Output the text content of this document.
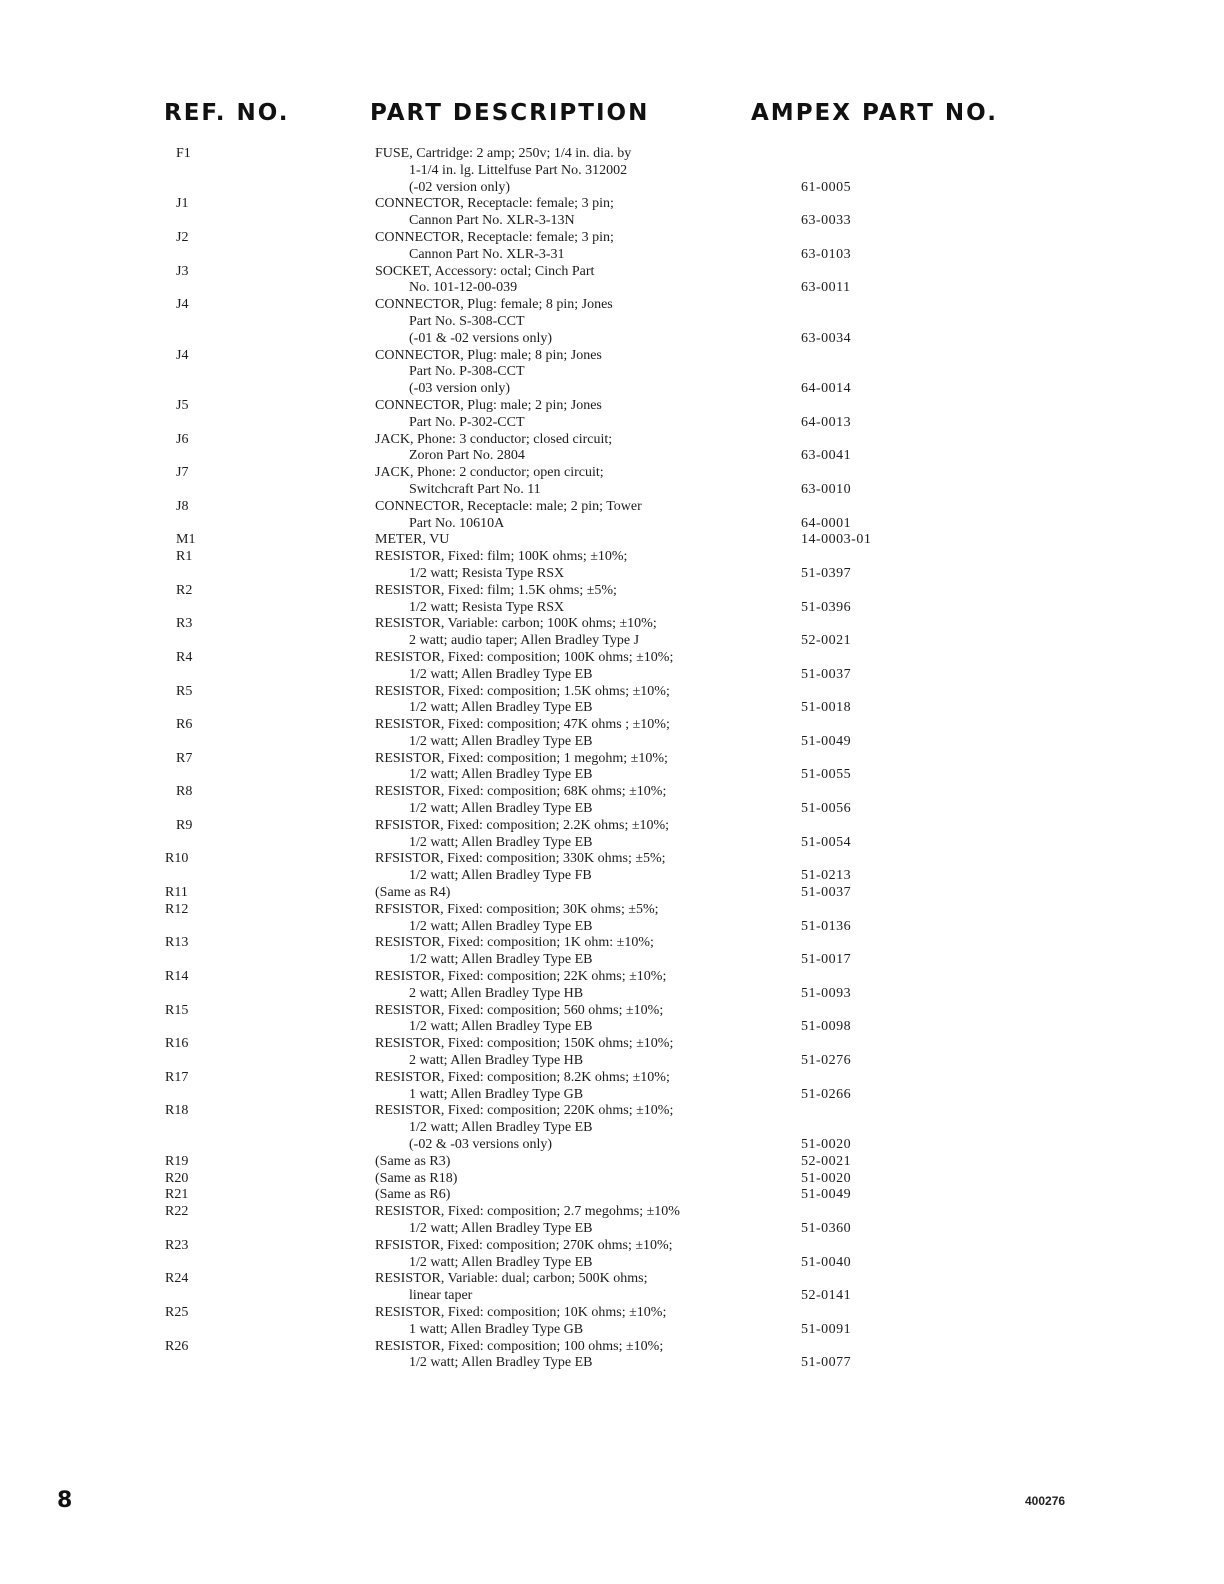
REF. NO.	PART DESCRIPTION	AMPEX PART NO.
F1	FUSE, Cartridge: 2 amp; 250v; 1/4 in. dia. by
1-1/4 in. lg. Littelfuse Part No. 312002
(-02 version only)	61-0005
J1	CONNECTOR, Receptacle: female; 3 pin;
Cannon Part No. XLR-3-13N	63-0033
J2	CONNECTOR, Receptacle: female; 3 pin;
Cannon Part No. XLR-3-31	63-0103
J3	SOCKET, Accessory: octal; Cinch Part
No. 101-12-00-039	63-0011
J4	CONNECTOR, Plug: female; 8 pin; Jones
Part No. S-308-CCT
(-01 & -02 versions only)	63-0034
J4	CONNECTOR, Plug: male; 8 pin; Jones
Part No. P-308-CCT
(-03 version only)	64-0014
J5	CONNECTOR, Plug: male; 2 pin; Jones
Part No. P-302-CCT	64-0013
J6	JACK, Phone: 3 conductor; closed circuit;
Zoron Part No. 2804	63-0041
J7	JACK, Phone: 2 conductor; open circuit;
Switchcraft Part No. 11	63-0010
J8	CONNECTOR, Receptacle: male; 2 pin; Tower
Part No. 10610A	64-0001
M1	METER, VU	14-0003-01
R1	RESISTOR, Fixed: film; 100K ohms; ±10%;
1/2 watt; Resista Type RSX	51-0397
R2	RESISTOR, Fixed: film; 1.5K ohms; ±5%;
1/2 watt; Resista Type RSX	51-0396
R3	RESISTOR, Variable: carbon; 100K ohms; ±10%;
2 watt; audio taper; Allen Bradley Type J	52-0021
R4	RESISTOR, Fixed: composition; 100K ohms; ±10%;
1/2 watt; Allen Bradley Type EB	51-0037
R5	RESISTOR, Fixed: composition; 1.5K ohms; ±10%;
1/2 watt; Allen Bradley Type EB	51-0018
R6	RESISTOR, Fixed: composition; 47K ohms ; ±10%;
1/2 watt; Allen Bradley Type EB	51-0049
R7	RESISTOR, Fixed: composition; 1 megohm; ±10%;
1/2 watt; Allen Bradley Type EB	51-0055
R8	RESISTOR, Fixed: composition; 68K ohms; ±10%;
1/2 watt; Allen Bradley Type EB	51-0056
R9	RFSISTOR, Fixed: composition; 2.2K ohms; ±10%;
1/2 watt; Allen Bradley Type EB	51-0054
R10	RFSISTOR, Fixed: composition; 330K ohms; ±5%;
1/2 watt; Allen Bradley Type FB	51-0213
R11	(Same as R4)	51-0037
R12	RFSISTOR, Fixed: composition; 30K ohms; ±5%;
1/2 watt; Allen Bradley Type EB	51-0136
R13	RESISTOR, Fixed: composition; 1K ohm: ±10%;
1/2 watt; Allen Bradley Type EB	51-0017
R14	RESISTOR, Fixed: composition; 22K ohms; ±10%;
2 watt; Allen Bradley Type HB	51-0093
R15	RESISTOR, Fixed: composition; 560 ohms; ±10%;
1/2 watt; Allen Bradley Type EB	51-0098
R16	RESISTOR, Fixed: composition; 150K ohms; ±10%;
2 watt; Allen Bradley Type HB	51-0276
R17	RESISTOR, Fixed: composition; 8.2K ohms; ±10%;
1 watt; Allen Bradley Type GB	51-0266
R18	RESISTOR, Fixed: composition; 220K ohms; ±10%;
1/2 watt; Allen Bradley Type EB
(-02 & -03 versions only)	51-0020
R19	(Same as R3)	52-0021
R20	(Same as R18)	51-0020
R21	(Same as R6)	51-0049
R22	RESISTOR, Fixed: composition; 2.7 megohms; ±10%
1/2 watt; Allen Bradley Type EB	51-0360
R23	RFSISTOR, Fixed: composition; 270K ohms; ±10%;
1/2 watt; Allen Bradley Type EB	51-0040
R24	RESISTOR, Variable: dual; carbon; 500K ohms;
linear taper	52-0141
R25	RESISTOR, Fixed: composition; 10K ohms; ±10%;
1 watt; Allen Bradley Type GB	51-0091
R26	RESISTOR, Fixed: composition; 100 ohms; ±10%;
1/2 watt; Allen Bradley Type EB	51-0077
8	400276
